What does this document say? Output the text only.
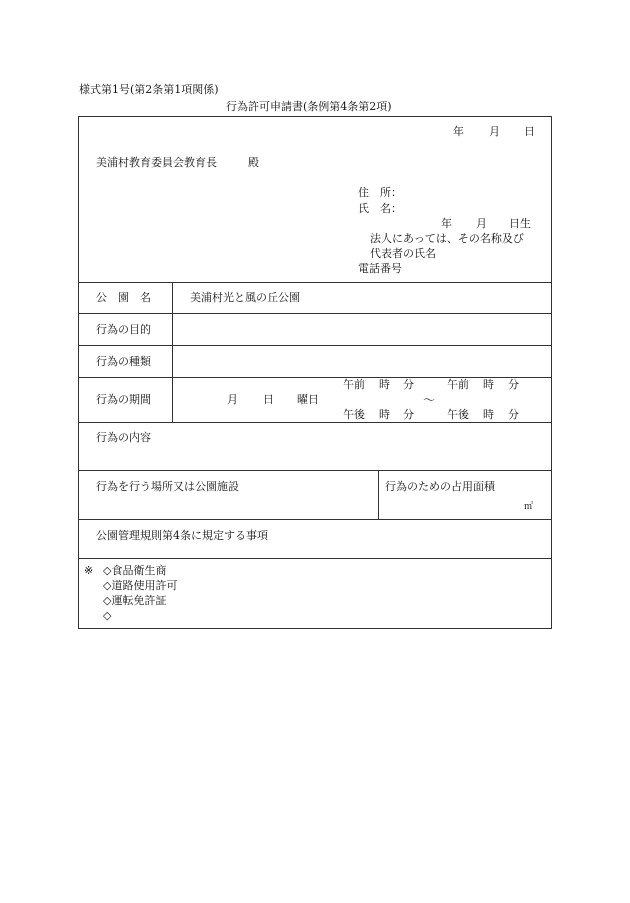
様式第1号(第2条第1項関係)
行為許可申請書(条例第4条第2項)
年 月 日
美浦村教育委員会教育長	殿
住　所：
氏　名：
年 月 日生
法人にあっては、その名称及び
代表者の氏名
電話番号
公　園　名	美浦村光と風の丘公園
行為の目的
行為の種類
行為の期間	月 日 曜日
午前 時 分
午後 時 分
～
午前 時 分
午後 時 分
行為の内容
行為を行う場所又は公園施設	行為のための占用面積
㎡
公園管理規則第4条に規定する事項
※ ◇食品衛生商
◇道路使用許可
◇運転免許証
◇
